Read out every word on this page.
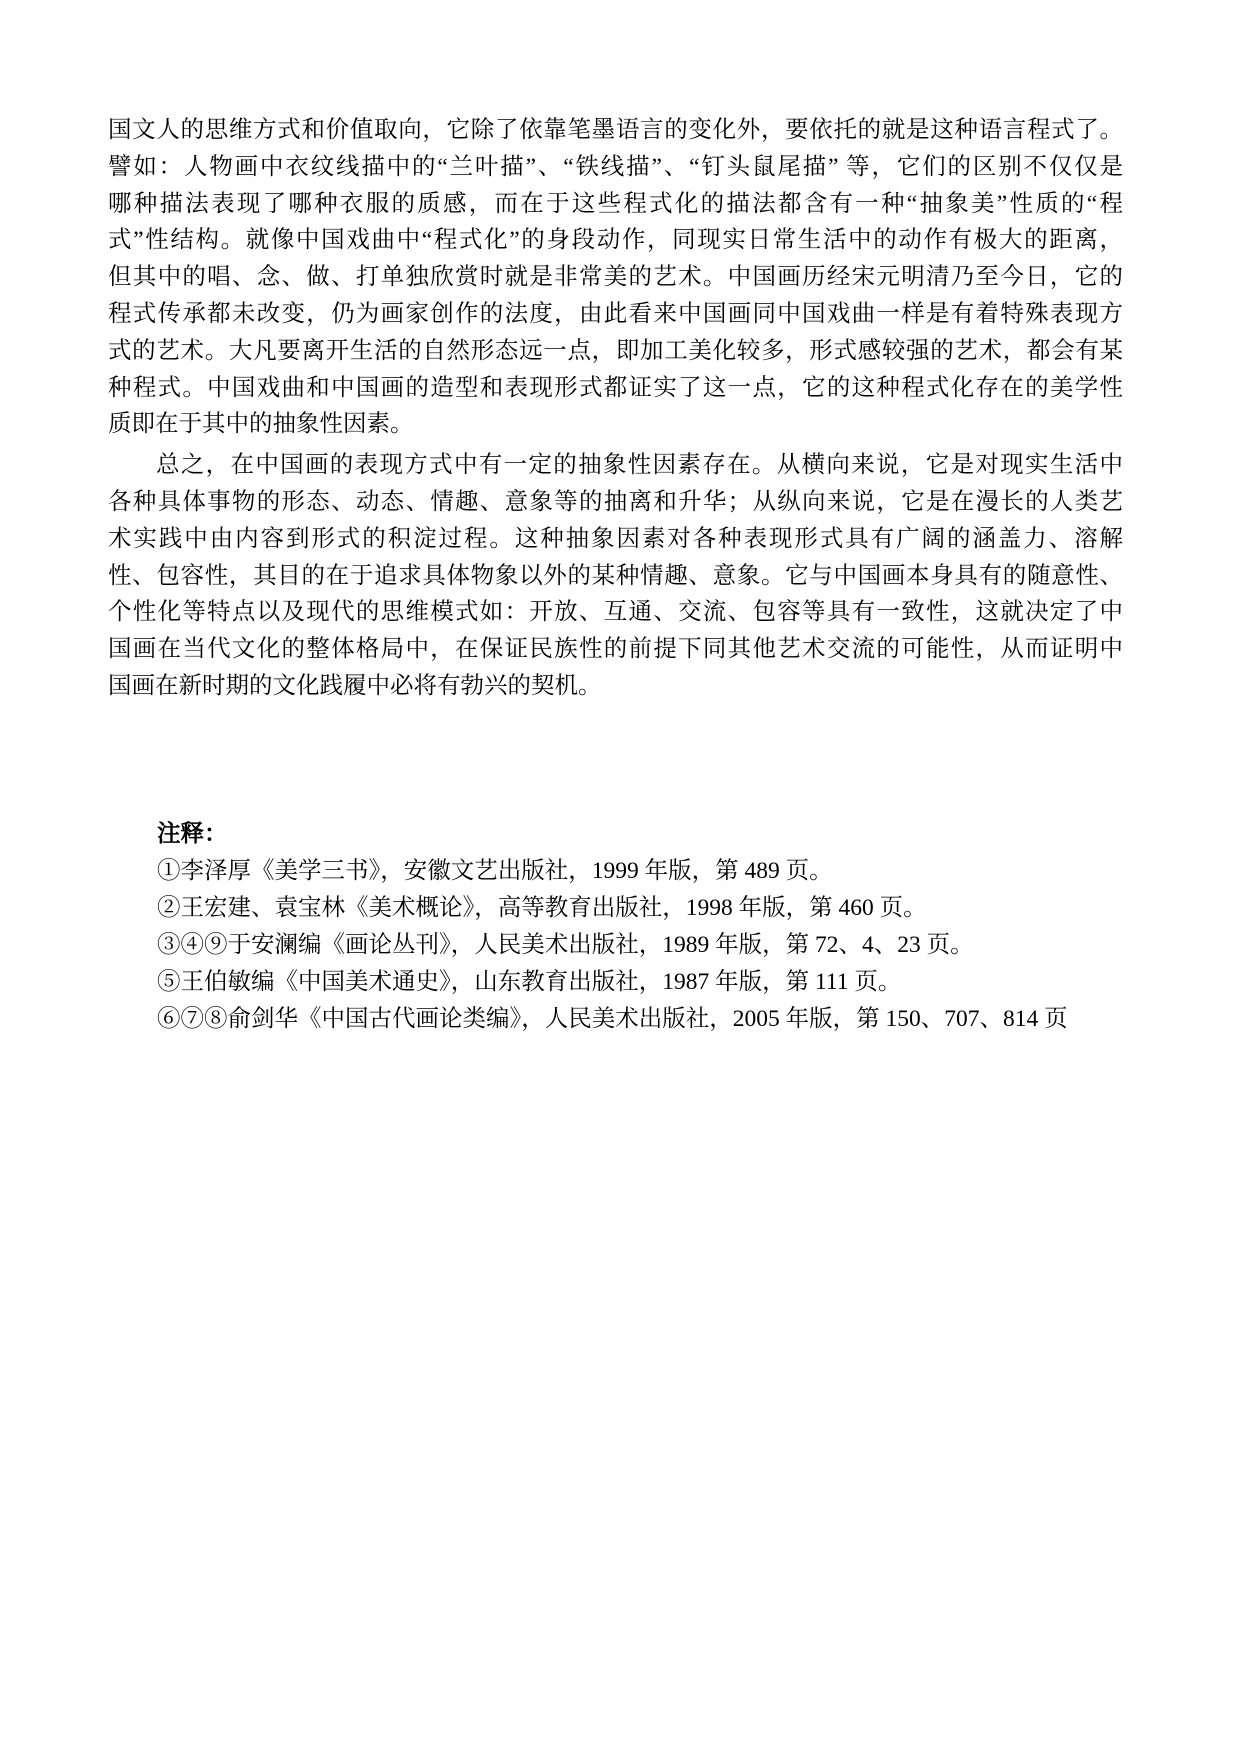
国文人的思维方式和价值取向，它除了依靠笔墨语言的变化外，要依托的就是这种语言程式了。
譬如：人物画中衣纹线描中的“兰叶描”、“铁线描”、“钉头鼠尾描” 等，它们的区别不仅仅是
哪种描法表现了哪种衣服的质感，而在于这些程式化的描法都含有一种“抽象美”性质的“程
式”性结构。就像中国戏曲中“程式化”的身段动作，同现实日常生活中的动作有极大的距离，
但其中的唱、念、做、打单独欣赏时就是非常美的艺术。中国画历经宋元明清乃至今日，它的
程式传承都未改变，仍为画家创作的法度，由此看来中国画同中国戏曲一样是有着特殊表现方
式的艺术。大凡要离开生活的自然形态远一点，即加工美化较多，形式感较强的艺术，都会有某
种程式。中国戏曲和中国画的造型和表现形式都证实了这一点，它的这种程式化存在的美学性
质即在于其中的抽象性因素。
总之，在中国画的表现方式中有一定的抽象性因素存在。从横向来说，它是对现实生活中
各种具体事物的形态、动态、情趣、意象等的抽离和升华；从纵向来说，它是在漫长的人类艺
术实践中由内容到形式的积淀过程。这种抽象因素对各种表现形式具有广阔的涵盖力、溶解
性、包容性，其目的在于追求具体物象以外的某种情趣、意象。它与中国画本身具有的随意性、
个性化等特点以及现代的思维模式如：开放、互通、交流、包容等具有一致性，这就决定了中
国画在当代文化的整体格局中，在保证民族性的前提下同其他艺术交流的可能性，从而证明中
国画在新时期的文化践履中必将有勃兴的契机。
注释：
①李泽厚《美学三书》，安徽文艺出版社，1999 年版，第 489 页。
②王宏建、袁宝林《美术概论》，高等教育出版社，1998 年版，第 460 页。
③④⑨于安澜编《画论丛刊》，人民美术出版社，1989 年版，第 72、4、23 页。
⑤王伯敏编《中国美术通史》，山东教育出版社，1987 年版，第 111 页。
⑥⑦⑧俞剑华《中国古代画论类编》，人民美术出版社，2005 年版，第 150、707、814 页
